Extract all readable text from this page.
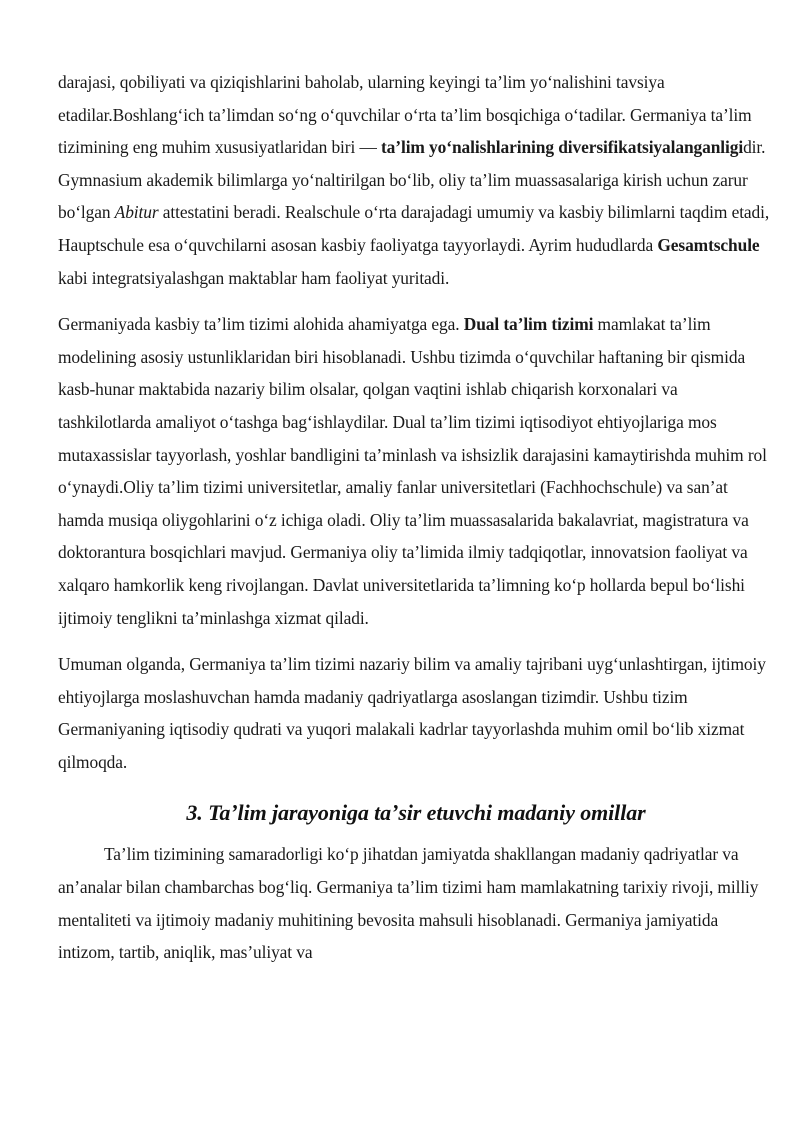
darajasi, qobiliyati va qiziqishlarini baholab, ularning keyingi taʼlim yoʻnalishini tavsiya etadilar.Boshlangʻich taʼlimdan soʻng oʻquvchilar oʻrta taʼlim bosqichiga oʻtadilar. Germaniya taʼlim tizimining eng muhim xususiyatlaridan biri — taʼlim yoʻnalishlarining diversifikatsiyalanganligidir. Gymnasium akademik bilimlarga yoʻnaltirilgan boʻlib, oliy taʼlim muassasalariga kirish uchun zarur boʻlgan Abitur attestatini beradi. Realschule oʻrta darajadagi umumiy va kasbiy bilimlarni taqdim etadi, Hauptschule esa oʻquvchilarni asosan kasbiy faoliyatga tayyorlaydi. Ayrim hududlarda Gesamtschule kabi integratsiyalashgan maktablar ham faoliyat yuritadi.

Germaniyada kasbiy taʼlim tizimi alohida ahamiyatga ega. Dual taʼlim tizimi mamlakat taʼlim modelining asosiy ustunliklaridan biri hisoblanadi. Ushbu tizimda oʻquvchilar haftaning bir qismida kasb-hunar maktabida nazariy bilim olsalar, qolgan vaqtini ishlab chiqarish korxonalari va tashkilotlarda amaliyot oʻtashga bagʻishlaydilar. Dual taʼlim tizimi iqtisodiyot ehtiyojlariga mos mutaxassislar tayyorlash, yoshlar bandligini taʼminlash va ishsizlik darajasini kamaytirishda muhim rol oʻynaydi.Oliy taʼlim tizimi universitetlar, amaliy fanlar universitetlari (Fachhochschule) va sanʼat hamda musiqa oliygohlarini oʻz ichiga oladi. Oliy taʼlim muassasalarida bakalavriat, magistratura va doktorantura bosqichlari mavjud. Germaniya oliy taʼlimida ilmiy tadqiqotlar, innovatsion faoliyat va xalqaro hamkorlik keng rivojlangan. Davlat universitetlarida taʼlimning koʻp hollarda bepul boʻlishi ijtimoiy tenglikni taʼminlashga xizmat qiladi.

Umuman olganda, Germaniya taʼlim tizimi nazariy bilim va amaliy tajribani uygʻunlashtirgan, ijtimoiy ehtiyojlarga moslashuvchan hamda madaniy qadriyatlarga asoslangan tizimdir. Ushbu tizim Germaniyaning iqtisodiy qudrati va yuqori malakali kadrlar tayyorlashda muhim omil boʻlib xizmat qilmoqda.

3. Taʼlim jarayoniga taʼsir etuvchi madaniy omillar

Taʼlim tizimining samaradorligi koʻp jihatdan jamiyatda shakllangan madaniy qadriyatlar va anʼanalar bilan chambarchas bogʻliq. Germaniya taʼlim tizimi ham mamlakatning tarixiy rivoji, milliy mentaliteti va ijtimoiy madaniy muhitining bevosita mahsuli hisoblanadi. Germaniya jamiyatida intizom, tartib, aniqlik, masʼuliyat va
